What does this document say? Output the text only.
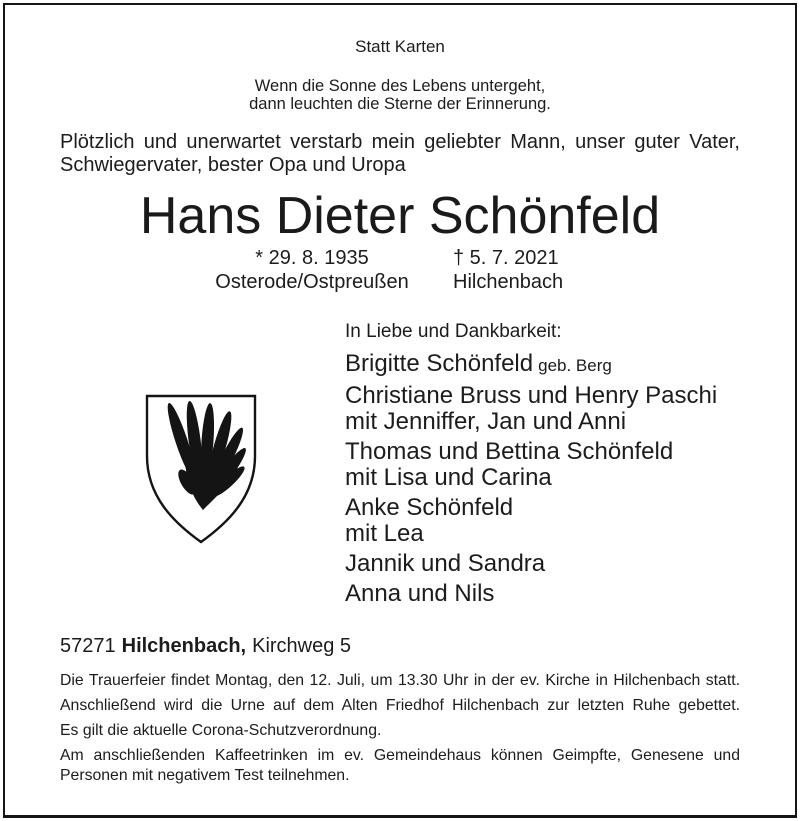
Statt Karten
Wenn die Sonne des Lebens untergeht,
dann leuchten die Sterne der Erinnerung.
Plötzlich und unerwartet verstarb mein geliebter Mann, unser guter Vater,
Schwiegervater, bester Opa und Uropa
Hans Dieter Schönfeld
* 29. 8. 1935
Osterode/Ostpreußen
† 5. 7. 2021
Hilchenbach
In Liebe und Dankbarkeit:
Brigitte Schönfeld geb. Berg
Christiane Bruss und Henry Paschi
mit Jenniffer, Jan und Anni
Thomas und Bettina Schönfeld
mit Lisa und Carina
Anke Schönfeld
mit Lea
Jannik und Sandra
Anna und Nils
57271 Hilchenbach, Kirchweg 5
Die Trauerfeier findet Montag, den 12. Juli, um 13.30 Uhr in der ev. Kirche in Hilchenbach statt.
Anschließend wird die Urne auf dem Alten Friedhof Hilchenbach zur letzten Ruhe gebettet.
Es gilt die aktuelle Corona-Schutzverordnung.
Am anschließenden Kaffeetrinken im ev. Gemeindehaus können Geimpfte, Genesene und
Personen mit negativem Test teilnehmen.
